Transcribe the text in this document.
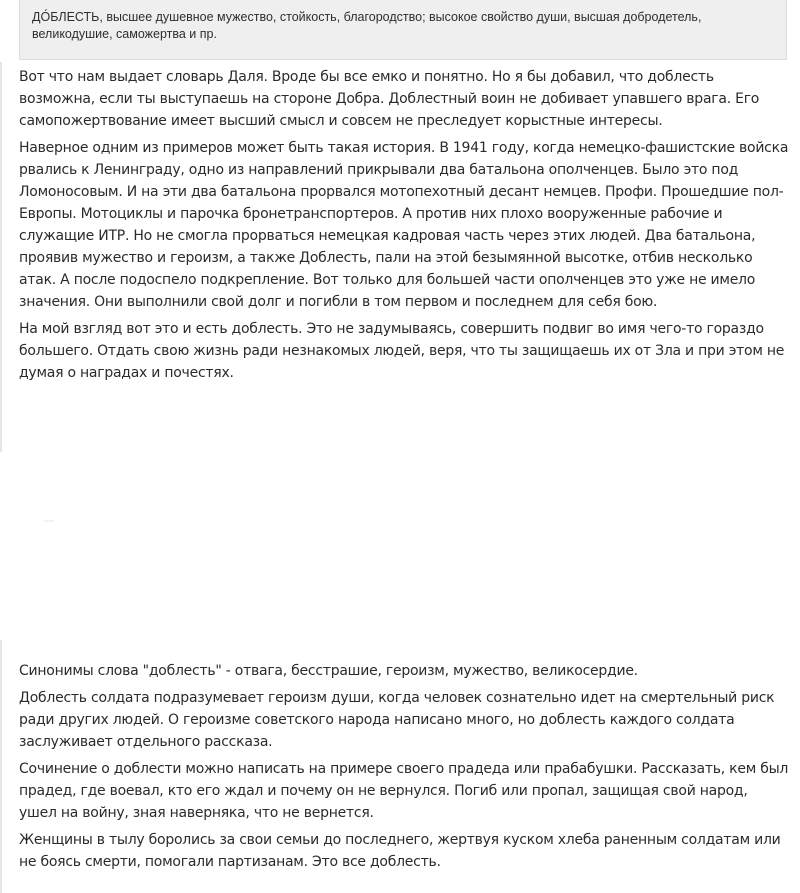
ДО́БЛЕСТЬ, высшее душевное мужество, стойкость, благородство; высокое свойство души, высшая добродетель, великодушие, саможертва и пр.

Вот что нам выдает словарь Даля. Вроде бы все емко и понятно. Но я бы добавил, что доблесть возможна, если ты выступаешь на стороне Добра. Доблестный воин не добивает упавшего врага. Его самопожертвование имеет высший смысл и совсем не преследует корыстные интересы.

Наверное одним из примеров может быть такая история. В 1941 году, когда немецко-фашистские войска рвались к Ленинграду, одно из направлений прикрывали два батальона ополченцев. Было это под Ломоносовым. И на эти два батальона прорвался мотопехотный десант немцев. Профи. Прошедшие пол-Европы. Мотоциклы и парочка бронетранспортеров. А против них плохо вооруженные рабочие и служащие ИТР. Но не смогла прорваться немецкая кадровая часть через этих людей. Два батальона, проявив мужество и героизм, а также Доблесть, пали на этой безымянной высотке, отбив несколько атак. А после подоспело подкрепление. Вот только для большей части ополченцев это уже не имело значения. Они выполнили свой долг и погибли в том первом и последнем для себя бою.

На мой взгляд вот это и есть доблесть. Это не задумываясь, совершить подвиг во имя чего-то гораздо большего. Отдать свою жизнь ради незнакомых людей, веря, что ты защищаешь их от Зла и при этом не думая о наградах и почестях.

Синонимы слова "доблесть" - отвага, бесстрашие, героизм, мужество, великосердие.

Доблесть солдата подразумевает героизм души, когда человек сознательно идет на смертельный риск ради других людей. О героизме советского народа написано много, но доблесть каждого солдата заслуживает отдельного рассказа.

Сочинение о доблести можно написать на примере своего прадеда или прабабушки. Рассказать, кем был прадед, где воевал, кто его ждал и почему он не вернулся. Погиб или пропал, защищая свой народ, ушел на войну, зная наверняка, что не вернется.

Женщины в тылу боролись за свои семьи до последнего, жертвуя куском хлеба раненным солдатам или не боясь смерти, помогали партизанам. Это все доблесть.
